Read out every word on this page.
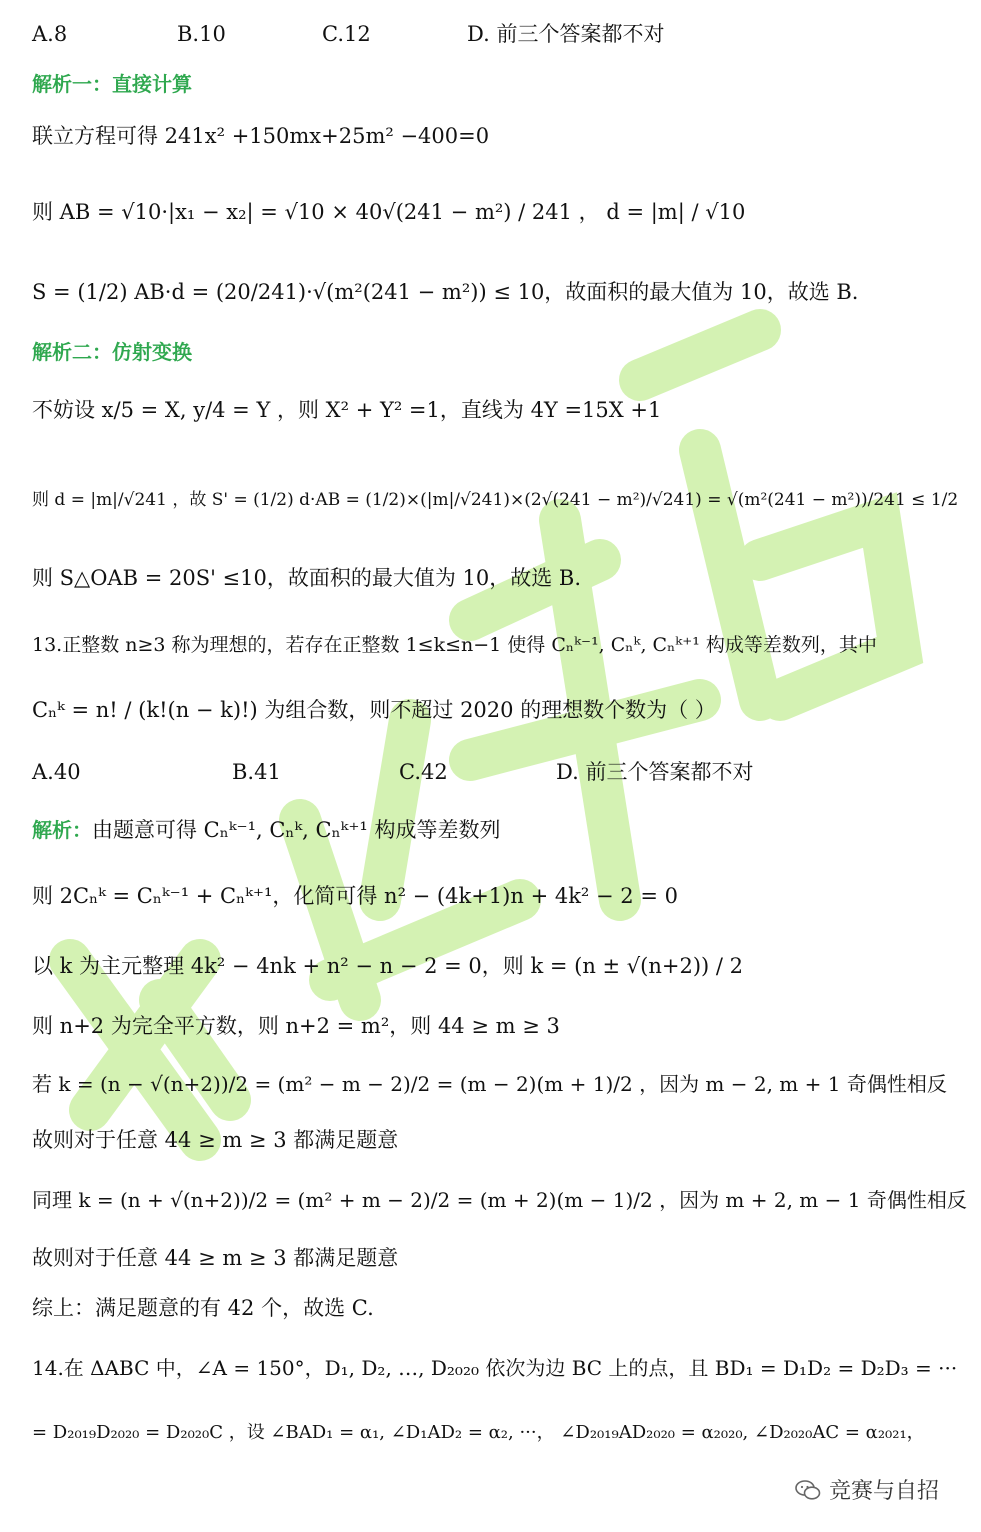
数学年白
A.8	B.10	C.12	D. 前三个答案都不对
解析一：直接计算
联立方程可得 241x² +150mx+25m² −400=0
则 AB = √10·|x₁ − x₂| = √10 × 40√(241 − m²) / 241 ， d = |m| / √10
S = (1/2) AB·d = (20/241)·√(m²(241 − m²)) ≤ 10，故面积的最大值为 10，故选 B.
解析二：仿射变换
不妨设 x/5 = X, y/4 = Y ，则 X² + Y² =1，直线为 4Y =15X +1
则 d = |m|/√241 ，故 S' = (1/2) d·AB = (1/2)×(|m|/√241)×(2√(241 − m²)/√241) = √(m²(241 − m²))/241 ≤ 1/2
则 S△OAB = 20S' ≤10，故面积的最大值为 10，故选 B.
13.正整数 n≥3 称为理想的，若存在正整数 1≤k≤n−1 使得 Cₙᵏ⁻¹, Cₙᵏ, Cₙᵏ⁺¹ 构成等差数列，其中
Cₙᵏ = n! / (k!(n − k)!) 为组合数，则不超过 2020 的理想数个数为（ ）
A.40	B.41	C.42	D. 前三个答案都不对
解析：由题意可得 Cₙᵏ⁻¹, Cₙᵏ, Cₙᵏ⁺¹ 构成等差数列
则 2Cₙᵏ = Cₙᵏ⁻¹ + Cₙᵏ⁺¹，化简可得 n² − (4k+1)n + 4k² − 2 = 0
以 k 为主元整理 4k² − 4nk + n² − n − 2 = 0，则 k = (n ± √(n+2)) / 2
则 n+2 为完全平方数，则 n+2 = m²，则 44 ≥ m ≥ 3
若 k = (n − √(n+2))/2 = (m² − m − 2)/2 = (m − 2)(m + 1)/2 ，因为 m − 2, m + 1 奇偶性相反
故则对于任意 44 ≥ m ≥ 3 都满足题意
同理 k = (n + √(n+2))/2 = (m² + m − 2)/2 = (m + 2)(m − 1)/2 ，因为 m + 2, m − 1 奇偶性相反
故则对于任意 44 ≥ m ≥ 3 都满足题意
综上：满足题意的有 42 个，故选 C.
14.在 ΔABC 中，∠A = 150°，D₁, D₂, …, D₂₀₂₀ 依次为边 BC 上的点，且 BD₁ = D₁D₂ = D₂D₃ = ···
= D₂₀₁₉D₂₀₂₀ = D₂₀₂₀C ，设 ∠BAD₁ = α₁, ∠D₁AD₂ = α₂, ···， ∠D₂₀₁₉AD₂₀₂₀ = α₂₀₂₀, ∠D₂₀₂₀AC = α₂₀₂₁，
竞赛与自招
